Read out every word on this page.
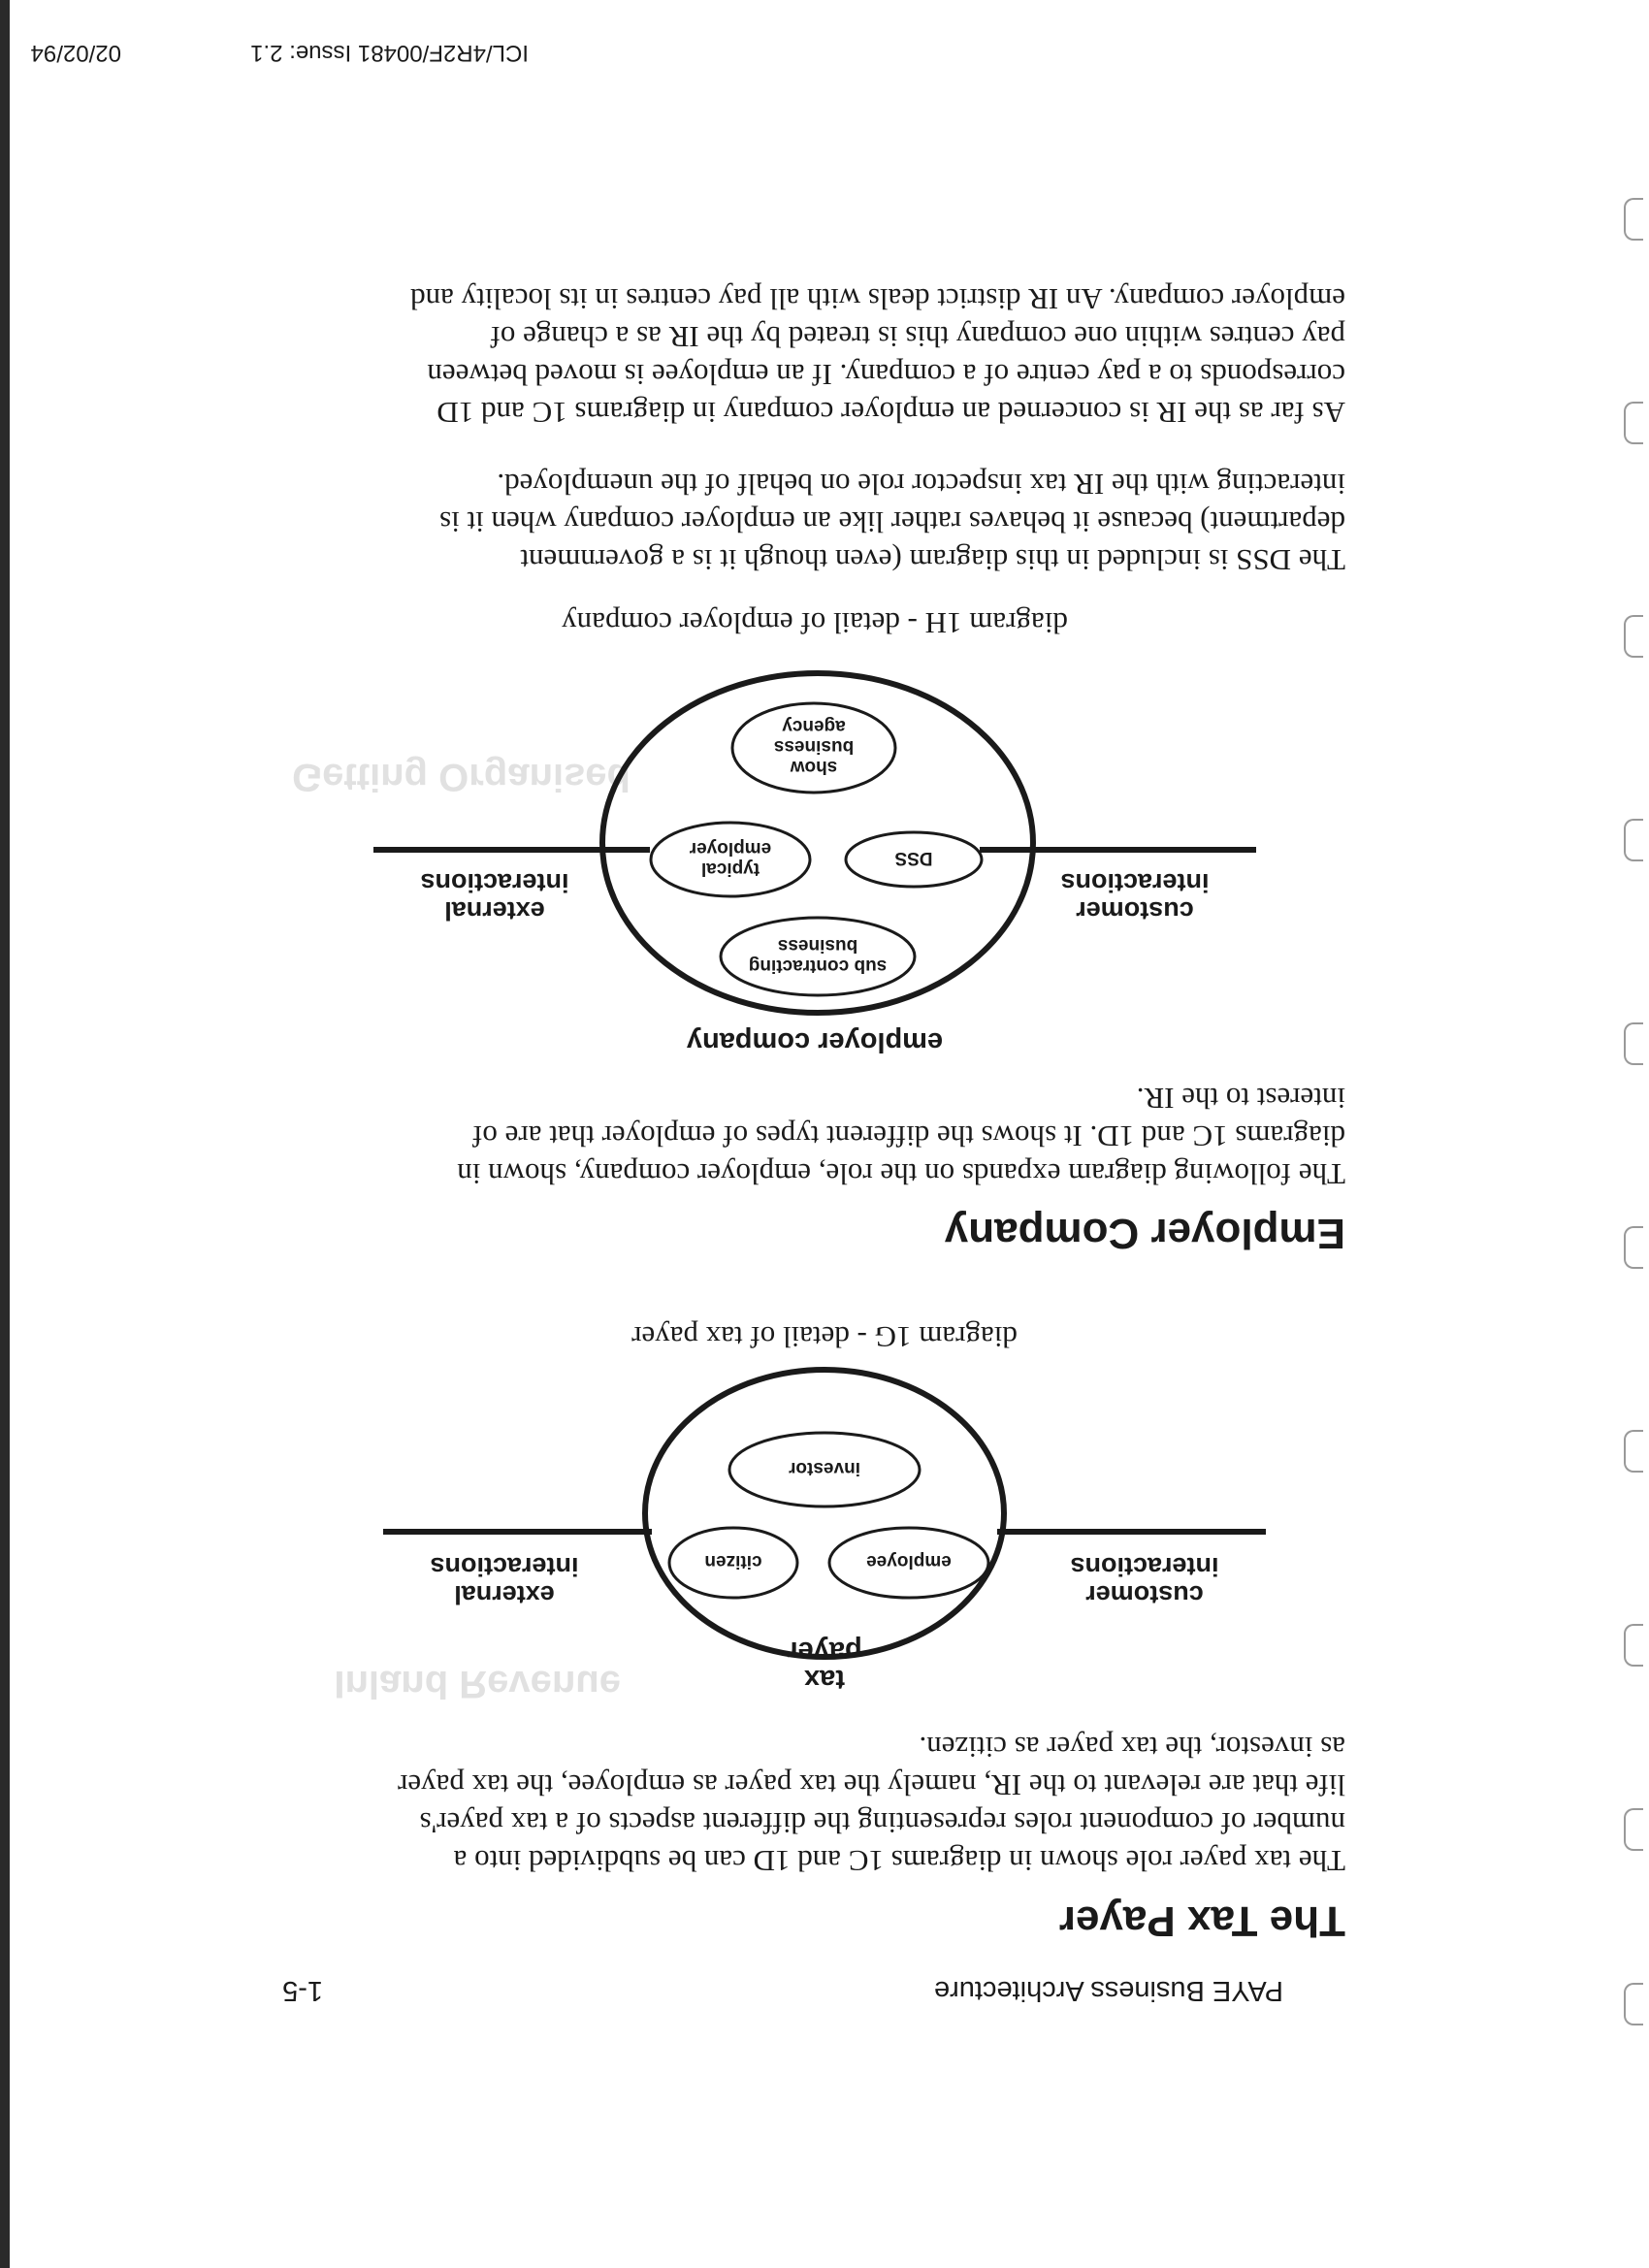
Getting Organised
Inland Revenue
PAYE Business Architecture
1-5
The Tax Payer
The tax payer role shown in diagrams 1C and 1D can be subdivided into a
number of component roles representing the different aspects of a tax payer's
life that are relevant to the IR, namely the tax payer as employee, the tax payer
as investor, the tax payer as citizen.
employee
citizen
investor
tax payer
customer
interactions
external
interactions
diagram 1G - detail of tax payer
Employer Company
The following diagram expands on the role, employer company, shown in
diagrams 1C and 1D. It shows the different types of employer that are of
interest to the IR.
sub contracting
business
DSS
typical
employer
show
business
agency
employer company
customer
interactions
external
interactions
diagram 1H - detail of employer company
The DSS is included in this diagram (even though it is a government
department) because it behaves rather like an employer company when it is
interacting with the IR tax inspector role on behalf of the unemployed.
As far as the IR is concerned an employer company in diagrams 1C and 1D
corresponds to a pay centre of a company. If an employee is moved between
pay centres within one company this is treated by the IR as a change of
employer company. An IR district deals with all pay centres in its locality and
ICL/4R2F/00481 Issue: 2.1
02/02/94
